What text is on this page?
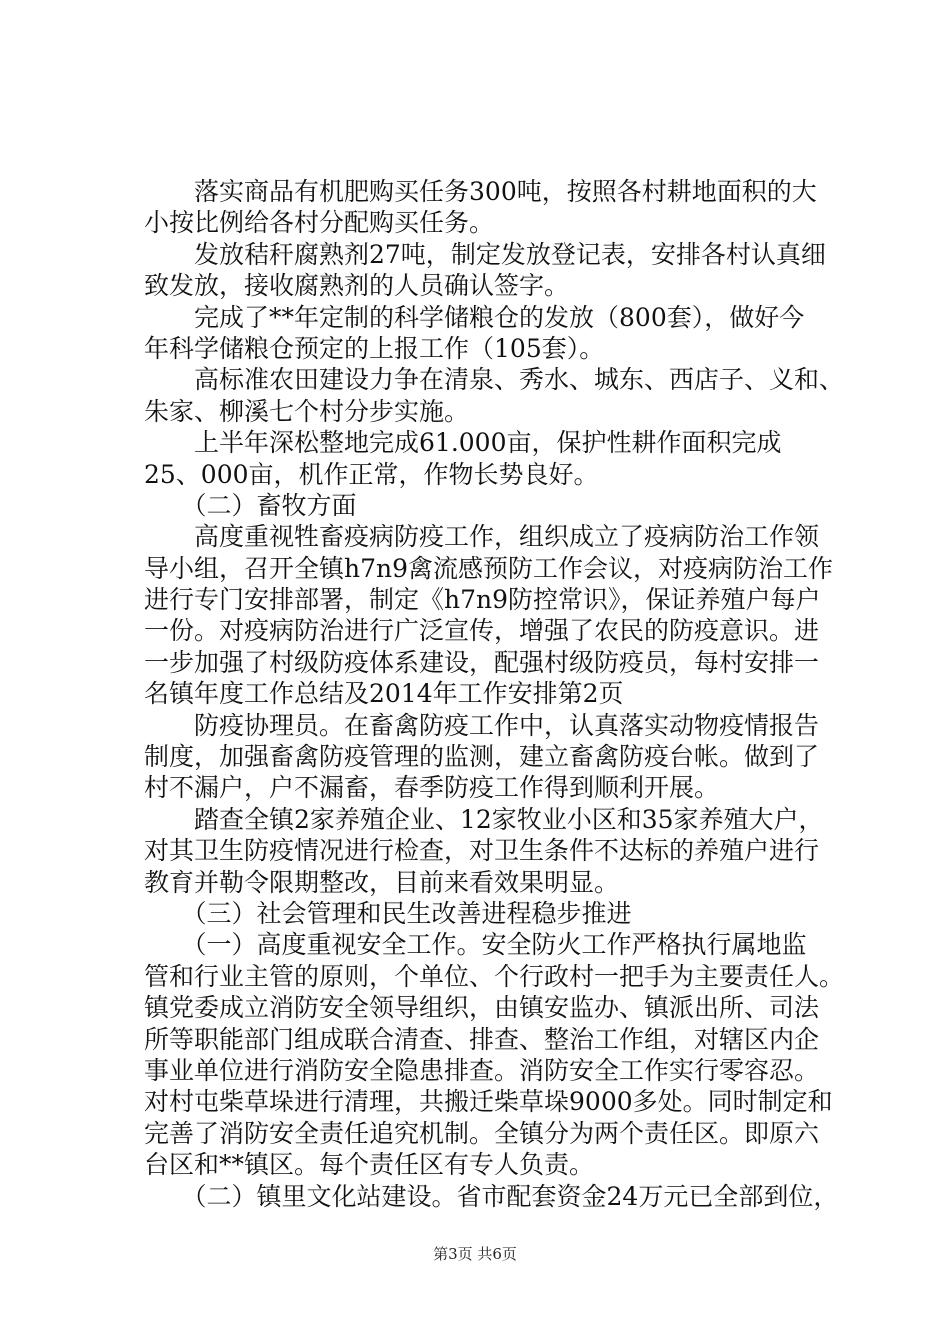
　　落实商品有机肥购买任务300吨，按照各村耕地面积的大
小按比例给各村分配购买任务。
　　发放秸秆腐熟剂27吨，制定发放登记表，安排各村认真细
致发放，接收腐熟剂的人员确认签字。
　　完成了**年定制的科学储粮仓的发放（800套），做好今
年科学储粮仓预定的上报工作（105套）。
　　高标准农田建设力争在清泉、秀水、城东、西店子、义和、
朱家、柳溪七个村分步实施。
　　上半年深松整地完成61.000亩，保护性耕作面积完成
25、000亩，机作正常，作物长势良好。
　　（二）畜牧方面
　　高度重视牲畜疫病防疫工作，组织成立了疫病防治工作领
导小组，召开全镇h7n9禽流感预防工作会议，对疫病防治工作
进行专门安排部署，制定《h7n9防控常识》，保证养殖户每户
一份。对疫病防治进行广泛宣传，增强了农民的防疫意识。进
一步加强了村级防疫体系建设，配强村级防疫员，每村安排一
名镇年度工作总结及2014年工作安排第2页
　　防疫协理员。在畜禽防疫工作中，认真落实动物疫情报告
制度，加强畜禽防疫管理的监测，建立畜禽防疫台帐。做到了
村不漏户，户不漏畜，春季防疫工作得到顺利开展。
　　踏查全镇2家养殖企业、12家牧业小区和35家养殖大户，
对其卫生防疫情况进行检查，对卫生条件不达标的养殖户进行
教育并勒令限期整改，目前来看效果明显。
　　（三）社会管理和民生改善进程稳步推进
　　（一）高度重视安全工作。安全防火工作严格执行属地监
管和行业主管的原则，个单位、个行政村一把手为主要责任人。
镇党委成立消防安全领导组织，由镇安监办、镇派出所、司法
所等职能部门组成联合清查、排查、整治工作组，对辖区内企
事业单位进行消防安全隐患排查。消防安全工作实行零容忍。
对村屯柴草垛进行清理，共搬迁柴草垛9000多处。同时制定和
完善了消防安全责任追究机制。全镇分为两个责任区。即原六
台区和**镇区。每个责任区有专人负责。
　　（二）镇里文化站建设。省市配套资金24万元已全部到位，
第3页 共6页
